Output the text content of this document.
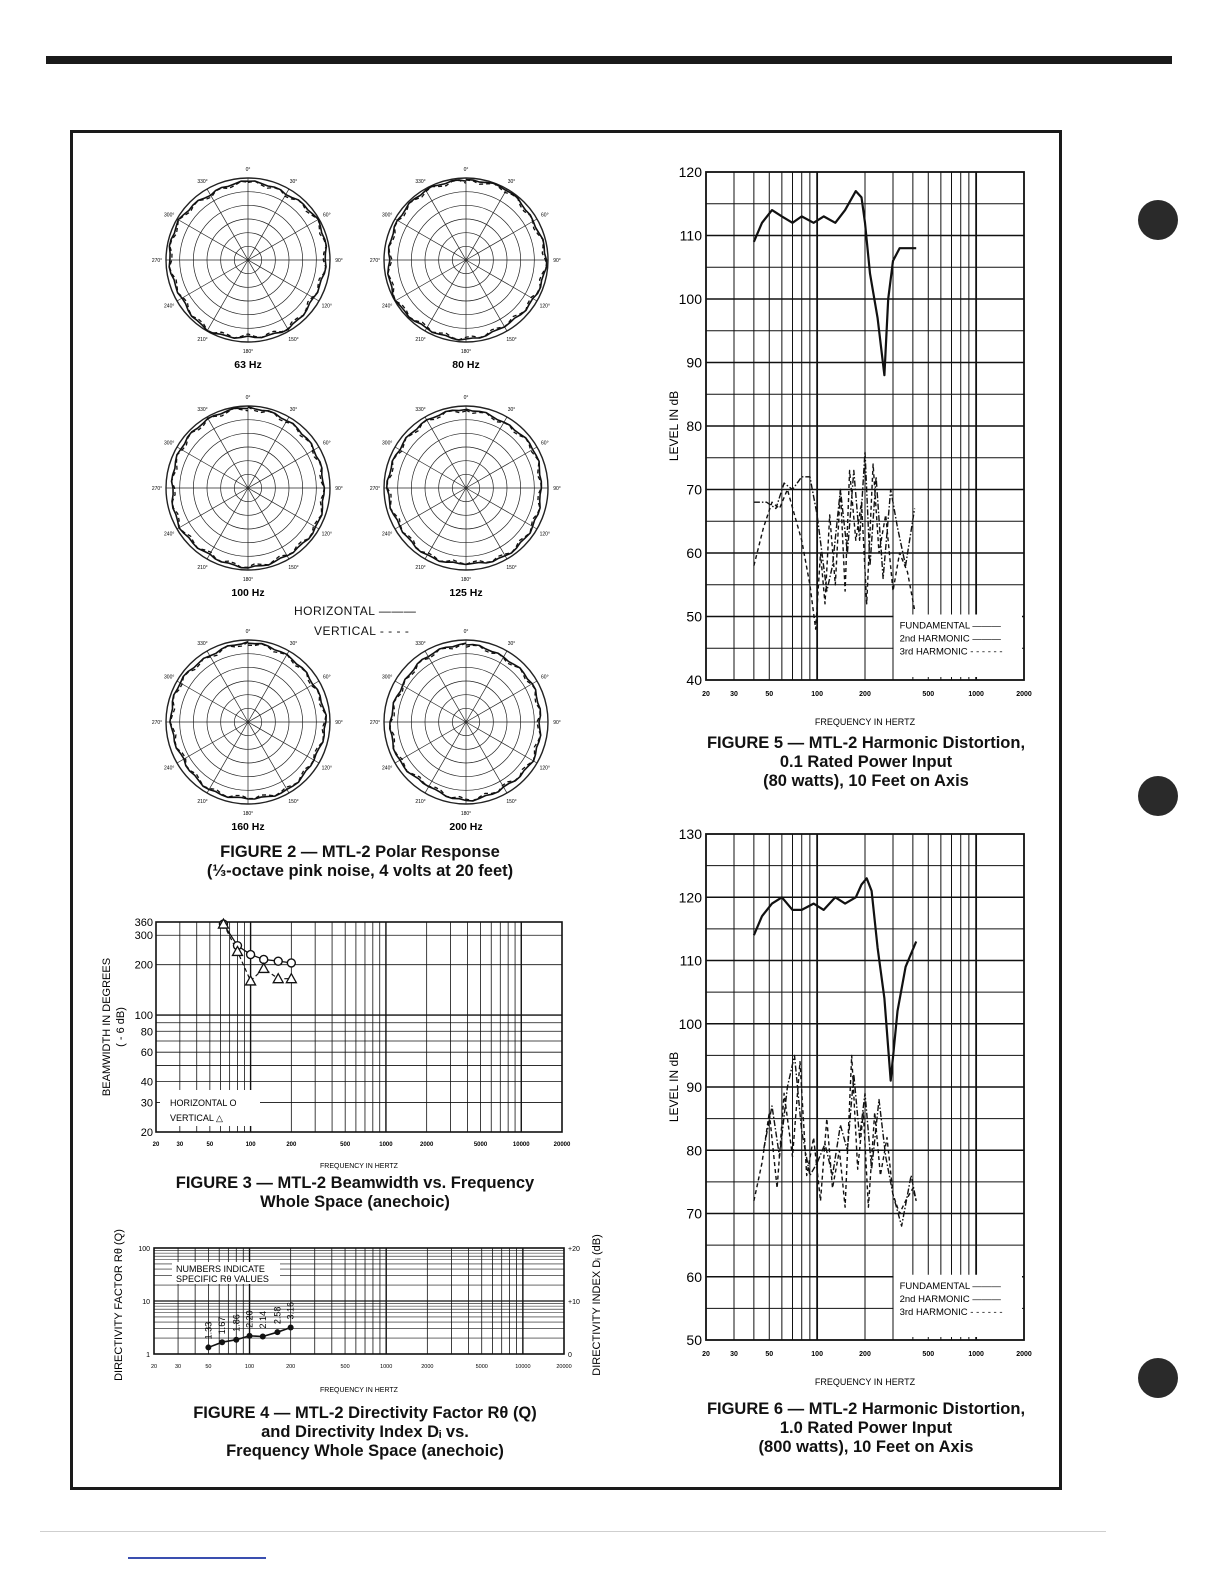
0°
30°
60°
90°
120°
150°
180°
210°
240°
270°
300°
330°
63 Hz
0°
30°
60°
90°
120°
150°
180°
210°
240°
270°
300°
330°
80 Hz
0°
30°
60°
90°
120°
150°
180°
210°
240°
270°
300°
330°
100 Hz
0°
30°
60°
90°
120°
150°
180°
210°
240°
270°
300°
330°
125 Hz
0°
30°
60°
90°
120°
150°
180°
210°
240°
270°
300°
330°
160 Hz
0°
30°
60°
90°
120°
150°
180°
210°
240°
270°
300°
330°
200 Hz
HORIZONTAL ———
VERTICAL - - - -
FIGURE 2 — MTL-2 Polar Response
(⅓-octave pink noise, 4 volts at 20 feet)
360
300
200
100
80
60
40
30
20
20	30	50	100	200	500	1000	2000	5000	10000	20000
FREQUENCY IN HERTZ
BEAMWIDTH IN DEGREES ( - 6 dB)
HORIZONTAL O
VERTICAL △
FIGURE 3 — MTL-2 Beamwidth vs. Frequency
Whole Space (anechoic)
100
10
1
+20
+10
0
20	30	50	100	200	500	1000	2000	5000	10000	20000
FREQUENCY IN HERTZ
DIRECTIVITY FACTOR Rθ (Q)	DIRECTIVITY INDEX Dᵢ (dB)
NUMBERS INDICATE
SPECIFIC Rθ VALUES
1.33 1.67 1.86 2.20 2.14 2.58 3.16
FIGURE 4 — MTL-2 Directivity Factor Rθ (Q)
and Directivity Index Dᵢ vs.
Frequency Whole Space (anechoic)
120
110
100
90
80
70
60
50
40
20	30	50	100	200	500	1000	2000
FREQUENCY IN HERTZ
LEVEL IN dB
FUNDAMENTAL ———
2nd HARMONIC ———
3rd HARMONIC - - - - - -
FIGURE 5 — MTL-2 Harmonic Distortion,
0.1 Rated Power Input
(80 watts), 10 Feet on Axis
130
120
110
100
90
80
70
60
50
20	30	50	100	200	500	1000	2000
FREQUENCY IN HERTZ
LEVEL IN dB
FUNDAMENTAL ———
2nd HARMONIC ———
3rd HARMONIC - - - - - -
FIGURE 6 — MTL-2 Harmonic Distortion,
1.0 Rated Power Input
(800 watts), 10 Feet on Axis
